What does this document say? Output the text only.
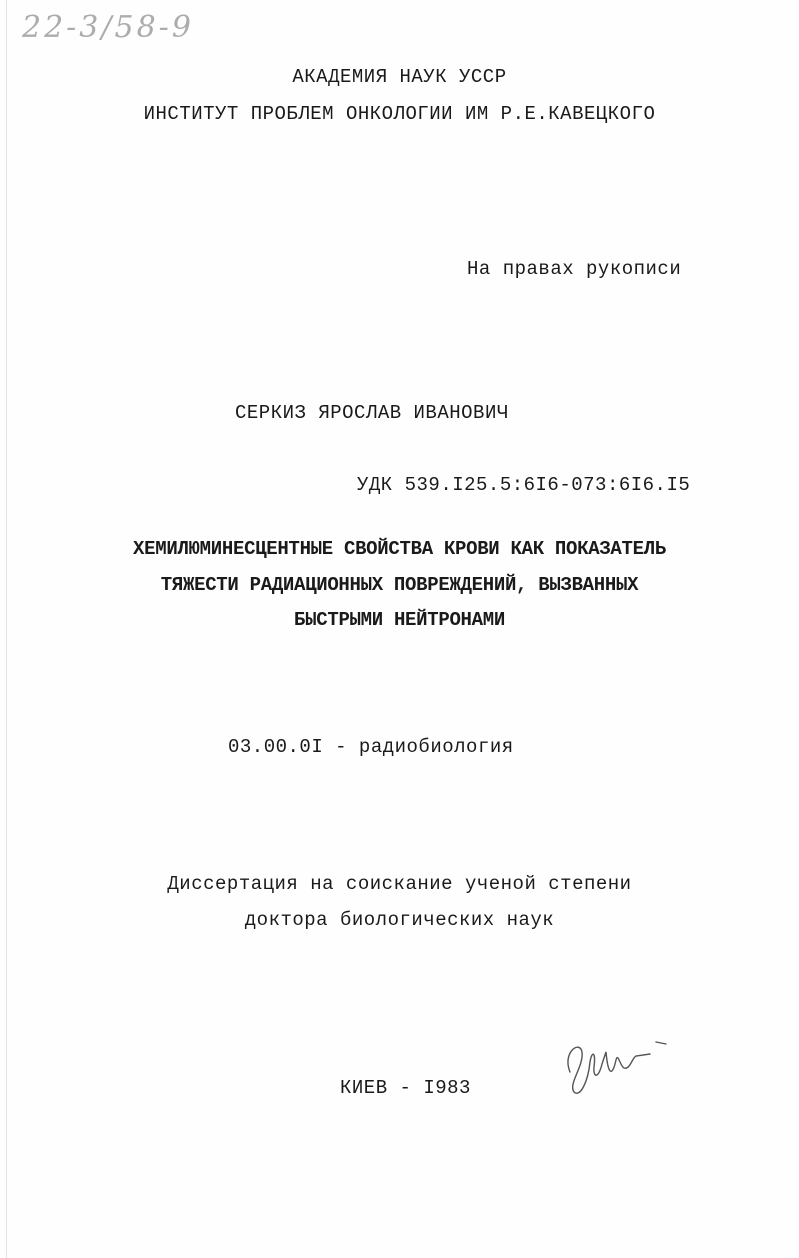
22-3/58-9
АКАДЕМИЯ НАУК УССР
ИНСТИТУТ ПРОБЛЕМ ОНКОЛОГИИ ИМ Р.Е.КАВЕЦКОГО
На правах рукописи
СЕРКИЗ ЯРОСЛАВ ИВАНОВИЧ
УДК 539.I25.5:6I6-073:6I6.I5
ХЕМИЛЮМИНЕСЦЕНТНЫЕ СВОЙСТВА КРОВИ КАК ПОКАЗАТЕЛЬ
ТЯЖЕСТИ РАДИАЦИОННЫХ ПОВРЕЖДЕНИЙ, ВЫЗВАННЫХ
БЫСТРЫМИ НЕЙТРОНАМИ
03.00.0I - радиобиология
Диссертация на соискание ученой степени
доктора биологических наук
КИЕВ - I983
